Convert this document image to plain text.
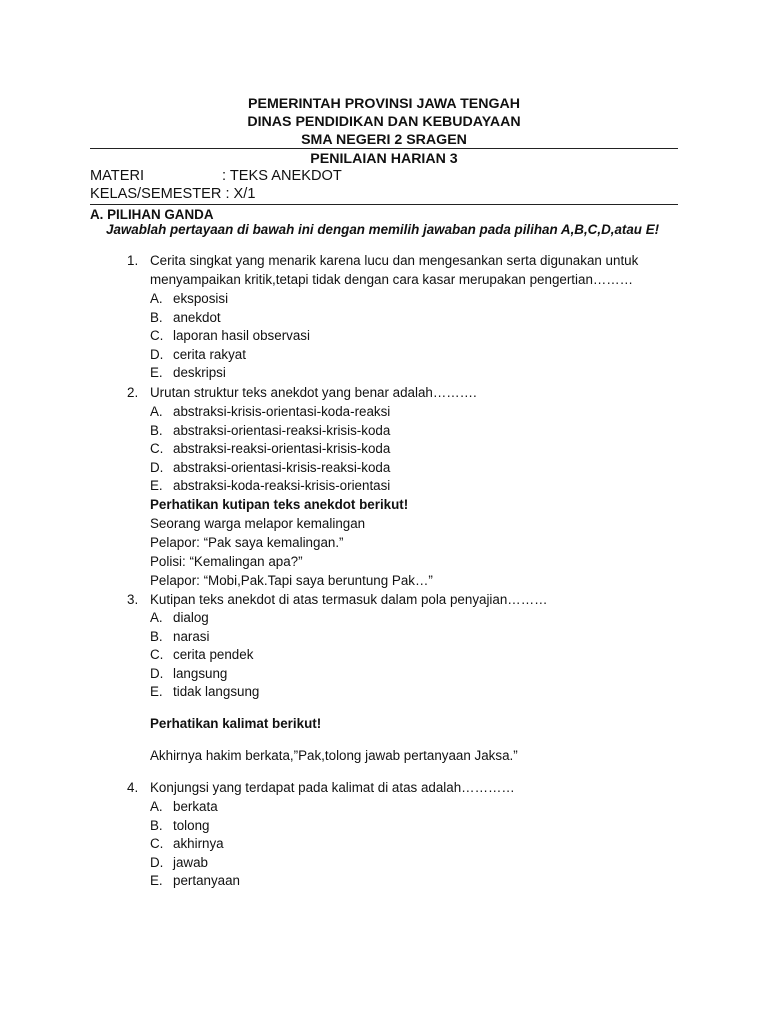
PEMERINTAH PROVINSI JAWA TENGAH
DINAS PENDIDIKAN DAN KEBUDAYAAN
SMA NEGERI 2 SRAGEN
PENILAIAN HARIAN 3
MATERI	: TEKS ANEKDOT
KELAS/SEMESTER : X/1
A. PILIHAN GANDA
Jawablah pertayaan di bawah ini dengan memilih jawaban pada pilihan A,B,C,D,atau E!
1. Cerita singkat yang menarik karena lucu dan mengesankan serta digunakan untuk menyampaikan kritik,tetapi tidak dengan cara kasar merupakan pengertian………
A. eksposisi
B. anekdot
C. laporan hasil observasi
D. cerita rakyat
E. deskripsi
2. Urutan struktur teks anekdot yang benar adalah……….
A. abstraksi-krisis-orientasi-koda-reaksi
B. abstraksi-orientasi-reaksi-krisis-koda
C. abstraksi-reaksi-orientasi-krisis-koda
D. abstraksi-orientasi-krisis-reaksi-koda
E. abstraksi-koda-reaksi-krisis-orientasi
Perhatikan kutipan teks anekdot berikut!
Seorang warga melapor kemalingan
Pelapor: “Pak saya kemalingan.”
Polisi: “Kemalingan apa?”
Pelapor: “Mobi,Pak.Tapi saya beruntung Pak…”
3. Kutipan teks anekdot di atas termasuk dalam pola penyajian………
A. dialog
B. narasi
C. cerita pendek
D. langsung
E. tidak langsung
Perhatikan kalimat berikut!
Akhirnya hakim berkata,”Pak,tolong jawab pertanyaan Jaksa.”
4. Konjungsi yang terdapat pada kalimat di atas adalah…………
A. berkata
B. tolong
C. akhirnya
D. jawab
E. pertanyaan
